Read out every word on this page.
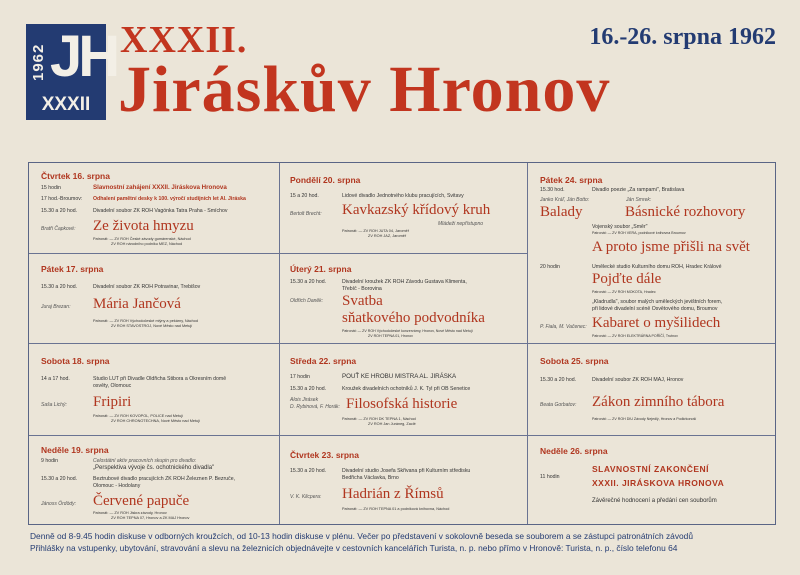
1962 JH
XXXII
XXXII.
Jiráskův Hronov
16.-26. srpna 1962
Čtvrtek 16. srpna
15 hodin	Slavnostní zahájení XXXII. Jiráskova Hronova
17 hod.-Broumov: Odhalení pamětní desky k 100. výročí studijních let Al. Jiráska
15.30 a 20 hod.	Divadelní soubor ZK ROH Vagónka Tatra Praha - Smíchov
Bratři Čapkové: Ze života hmyzu
Patronát: — ZV ROH České závody gumárenské, Náchod
ZV ROH národního podniku MEZ, Náchod
Pátek 17. srpna
15.30 a 20 hod.	Divadelní soubor ZK ROH Potravinar, Trebišov
Juraj Brezan: Mária Jančová
Patronát: — ZV ROH Východočeské mlýny a pekárny, Náchod
ZV ROH STAVOSTROJ, Nové Město nad Metují
Sobota 18. srpna
14 a 17 hod.	Studio LUT při Divadle Oldřicha Stibora a Okresním domě
osvěty, Olomouc
Saša Lichý: Fripiri
Patronát: — ZV ROH KOVOPOL, POLICE nad Metují
ZV ROH CHRONOTECHNA, Nové Město nad Metují
Neděle 19. srpna
9 hodin	Celostátní aktiv pracovních skupin pro divadlo:
„Perspektiva vývoje čs. ochotnického divadla"
15.30 a 20 hod.	Beztrubové divadlo pracujících ZK ROH Železnen P. Bezruče,
Olomouc - Hodolany
Jánoss Ördödy: Červené papuče
Patronát: — ZV ROH Jiskra závody, Hronov
ZV ROH TEPNA 07, Hronov a ZK MAJ Hronov
Pondělí 20. srpna
15 a 20 hod.	Lidové divadlo Jednotného klubu pracujících, Svitavy
Bertolt Brecht: Kavkazský křídový kruh
Mládeži nepřístupno
Patronát: — ZV ROH JUTA 04, Jaroměř
ZV ROH JAZ, Jaroměř
Úterý 21. srpna
15.30 a 20 hod.	Divadelní kroužek ZK ROH Závodu Gustava Klimenta,
Třebíč - Borovina
Oldřich Daněk: Svatba
sňatkového podvodníka
Patronát: — ZV ROH Východočeské konzervárny, Hronov, Nové Město nad Metují
ZV ROH TEPNA 01, Hronov
Středa 22. srpna
17 hodin	POUŤ KE HROBU MISTRA AL. JIRÁSKA
15.30 a 20 hod.	Kroužek divadelních ochotníků J. K. Tyl při OB Senetice
Alois Jirásek
D. Rybinová, F. Horák: Filosofská historie
Patronát: — ZV ROH DK TEPNA 1, Náchod
ZV ROH Jan Juráneg, Zaclé
Čtvrtek 23. srpna
15.30 a 20 hod.	Divadelní studio Josefa Skřivana při Kulturním středisku
Bedřicha Václavka, Brno
V. K. Klicpera: Hadrián z Římsů
Patronát: — ZV ROH TEPNA 01 a podniková knihovna, Náchod
Pátek 24. srpna
15.30 hod.	Divadlo poezie „Za rampami", Bratislava
Janko Kráľ, Ján Botto:	Ján Smrek:
Balady	Básnické rozhovory
Vojenský soubor „Směr"
Patronát: — ZV ROH VERA, podnikové knihovna Broumov
A proto jsme přišli na svět
20 hodin	Umělecké studio Kulturního domu ROH, Hradec Králové
Pojďte dále
Patronát: — ZV ROH MOKOTA, Hradec
„Kladrudla", soubor malých uměleckých jevištních forem,
při lidové divadelní scéně Osvětového domu, Broumov
P. Fiala, M. Vačenec: Kabaret o myšilidech
Patronát: — ZV ROH ELEKTRÁRNA POŘÍČÍ, Trutnov
Sobota 25. srpna
15.30 a 20 hod.	Divadelní soubor ZK ROH MAJ, Hronov
Beata Gorbatov: Zákon zimního tábora
Patronát: — ZV ROH DIU Závody Nejedlý, Hronov a Podkrkonoší
Neděle 26. srpna
11 hodin
SLAVNOSTNÍ ZAKONČENÍ
XXXII. JIRÁSKOVA HRONOVA
Závěrečné hodnocení a předání cen souborům
Denně od 8-9.45 hodin diskuse v odborných kroužcích, od 10-13 hodin diskuse v plénu. Večer po představení v sokolovně beseda se souborem a se zástupci patronátních závodů
Přihlášky na vstupenky, ubytování, stravování a slevu na železnicích objednávejte v cestovních kancelářích Turista, n. p. nebo přímo v Hronově: Turista, n. p., číslo telefonu 64
